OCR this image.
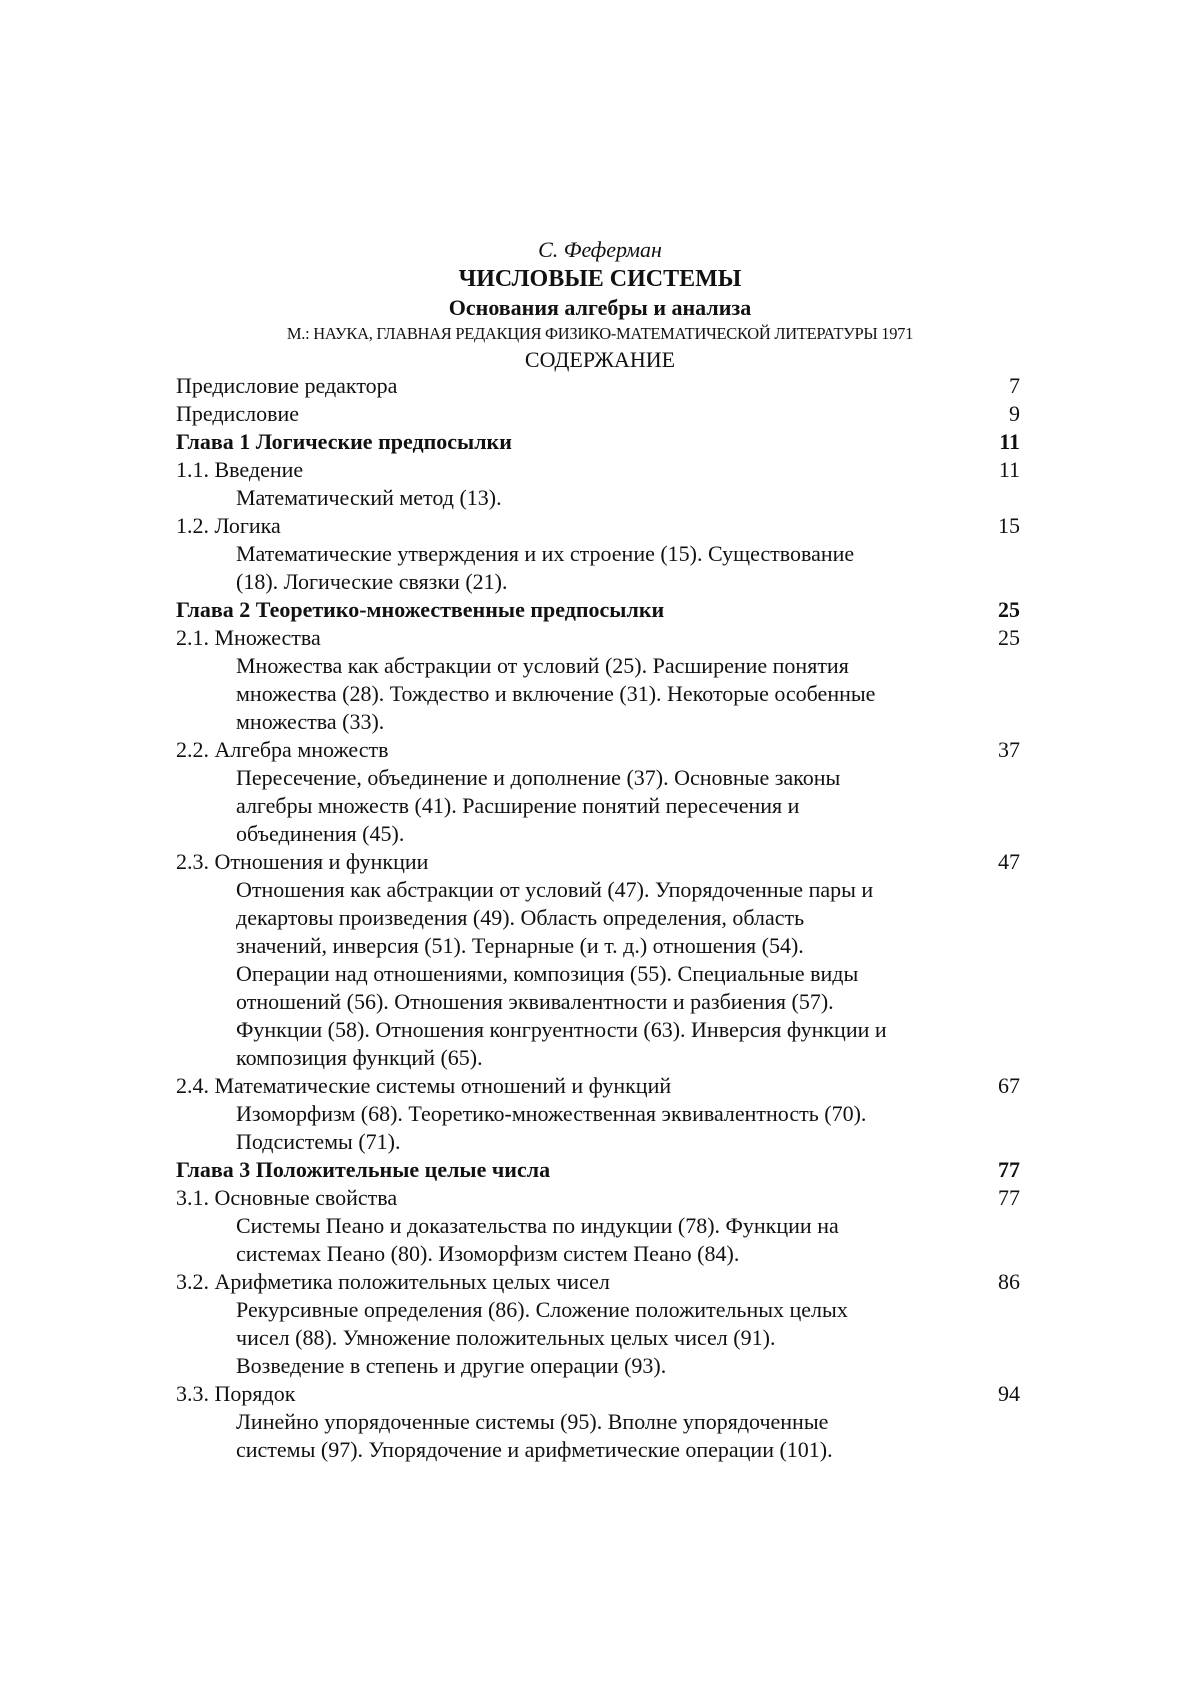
С. Феферман
ЧИСЛОВЫЕ СИСТЕМЫ
Основания алгебры и анализа
М.: НАУКА, ГЛАВНАЯ РЕДАКЦИЯ ФИЗИКО-МАТЕМАТИЧЕСКОЙ ЛИТЕРАТУРЫ 1971
СОДЕРЖАНИЕ
Предисловие редактора	7
Предисловие	9
Глава 1 Логические предпосылки	11
1.1. Введение	11
Математический метод (13).
1.2. Логика	15
Математические утверждения и их строение (15). Существование
(18). Логические связки (21).
Глава 2 Теоретико-множественные предпосылки	25
2.1. Множества	25
Множества как абстракции от условий (25). Расширение понятия
множества (28). Тождество и включение (31). Некоторые особенные
множества (33).
2.2. Алгебра множеств	37
Пересечение, объединение и дополнение (37). Основные законы
алгебры множеств (41). Расширение понятий пересечения и
объединения (45).
2.3. Отношения и функции	47
Отношения как абстракции от условий (47). Упорядоченные пары и
декартовы произведения (49). Область определения, область
значений, инверсия (51). Тернарные (и т. д.) отношения (54).
Операции над отношениями, композиция (55). Специальные виды
отношений (56). Отношения эквивалентности и разбиения (57).
Функции (58). Отношения конгруентности (63). Инверсия функции и
композиция функций (65).
2.4. Математические системы отношений и функций	67
Изоморфизм (68). Теоретико-множественная эквивалентность (70).
Подсистемы (71).
Глава 3 Положительные целые числа	77
3.1. Основные свойства	77
Системы Пеано и доказательства по индукции (78). Функции на
системах Пеано (80). Изоморфизм систем Пеано (84).
3.2. Арифметика положительных целых чисел	86
Рекурсивные определения (86). Сложение положительных целых
чисел (88). Умножение положительных целых чисел (91).
Возведение в степень и другие операции (93).
3.3. Порядок	94
Линейно упорядоченные системы (95). Вполне упорядоченные
системы (97). Упорядочение и арифметические операции (101).
